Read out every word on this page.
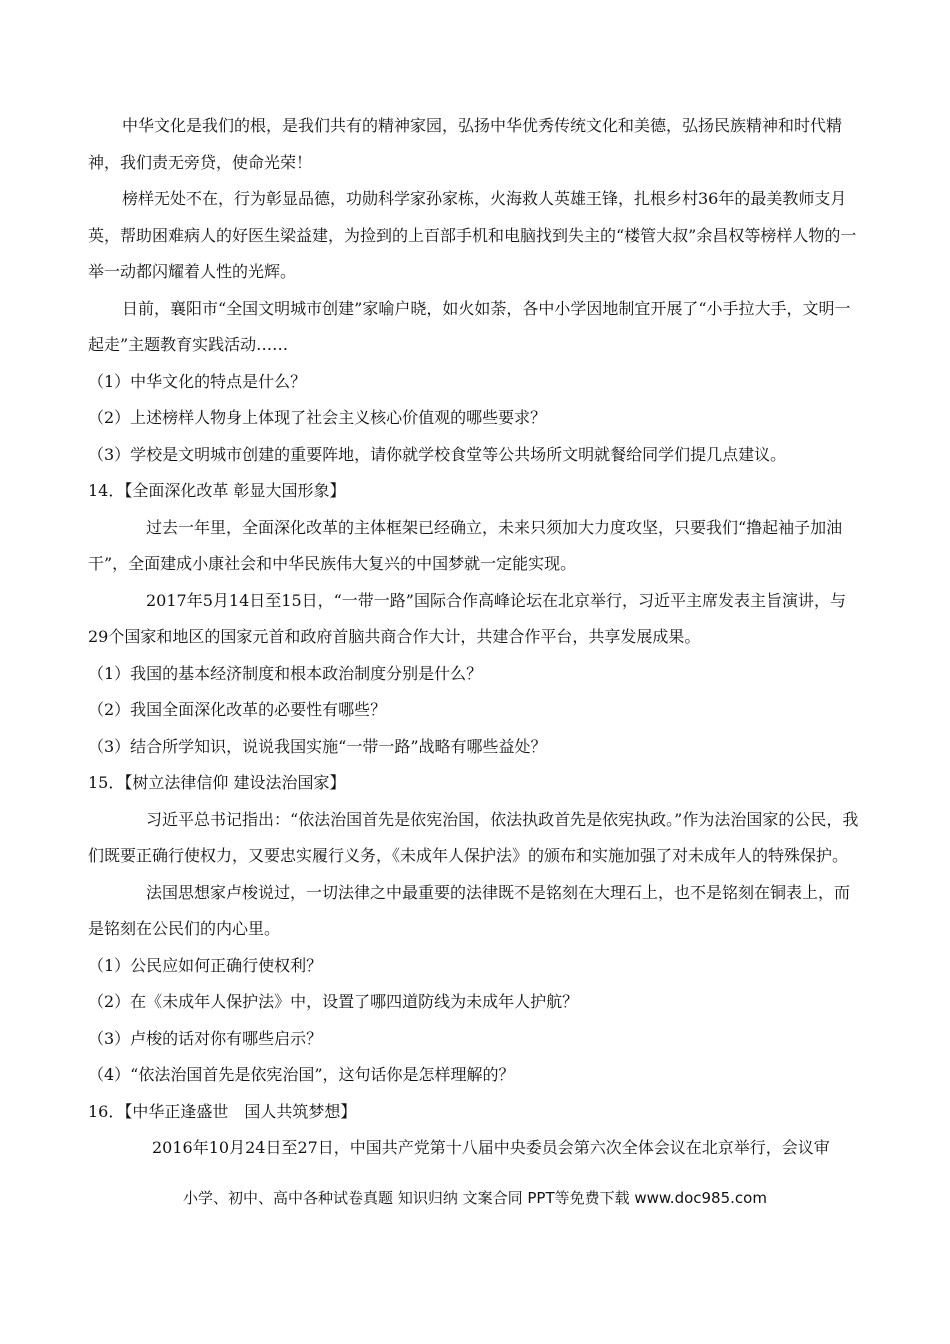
中华文化是我们的根，是我们共有的精神家园，弘扬中华优秀传统文化和美德，弘扬民族精神和时代精神，我们责无旁贷，使命光荣！

榜样无处不在，行为彰显品德，功勋科学家孙家栋，火海救人英雄王锋，扎根乡村36年的最美教师支月英，帮助困难病人的好医生梁益建，为捡到的上百部手机和电脑找到失主的“楼管大叔”余昌权等榜样人物的一举一动都闪耀着人性的光辉。

日前，襄阳市“全国文明城市创建”家喻户晓，如火如荼，各中小学因地制宜开展了“小手拉大手，文明一起走”主题教育实践活动……

（1）中华文化的特点是什么？

（2）上述榜样人物身上体现了社会主义核心价值观的哪些要求？

（3）学校是文明城市创建的重要阵地，请你就学校食堂等公共场所文明就餐给同学们提几点建议。

14．【全面深化改革 彰显大国形象】

过去一年里，全面深化改革的主体框架已经确立，未来只须加大力度攻坚，只要我们“撸起袖子加油干”，全面建成小康社会和中华民族伟大复兴的中国梦就一定能实现。

2017年5月14日至15日，“一带一路”国际合作高峰论坛在北京举行，习近平主席发表主旨演讲，与29个国家和地区的国家元首和政府首脑共商合作大计，共建合作平台，共享发展成果。

（1）我国的基本经济制度和根本政治制度分别是什么？

（2）我国全面深化改革的必要性有哪些？

（3）结合所学知识，说说我国实施“一带一路”战略有哪些益处？

15．【树立法律信仰 建设法治国家】

习近平总书记指出：“依法治国首先是依宪治国，依法执政首先是依宪执政。”作为法治国家的公民，我们既要正确行使权力，又要忠实履行义务，《未成年人保护法》的颁布和实施加强了对未成年人的特殊保护。

法国思想家卢梭说过，一切法律之中最重要的法律既不是铭刻在大理石上，也不是铭刻在铜表上，而是铭刻在公民们的内心里。

（1）公民应如何正确行使权利？

（2）在《未成年人保护法》中，设置了哪四道防线为未成年人护航？

（3）卢梭的话对你有哪些启示？

（4）“依法治国首先是依宪治国”，这句话你是怎样理解的？

16．【中华正逢盛世　国人共筑梦想】

2016年10月24日至27日，中国共产党第十八届中央委员会第六次全体会议在北京举行，会议审

小学、初中、高中各种试卷真题 知识归纳 文案合同 PPT等免费下载 www.doc985.com
